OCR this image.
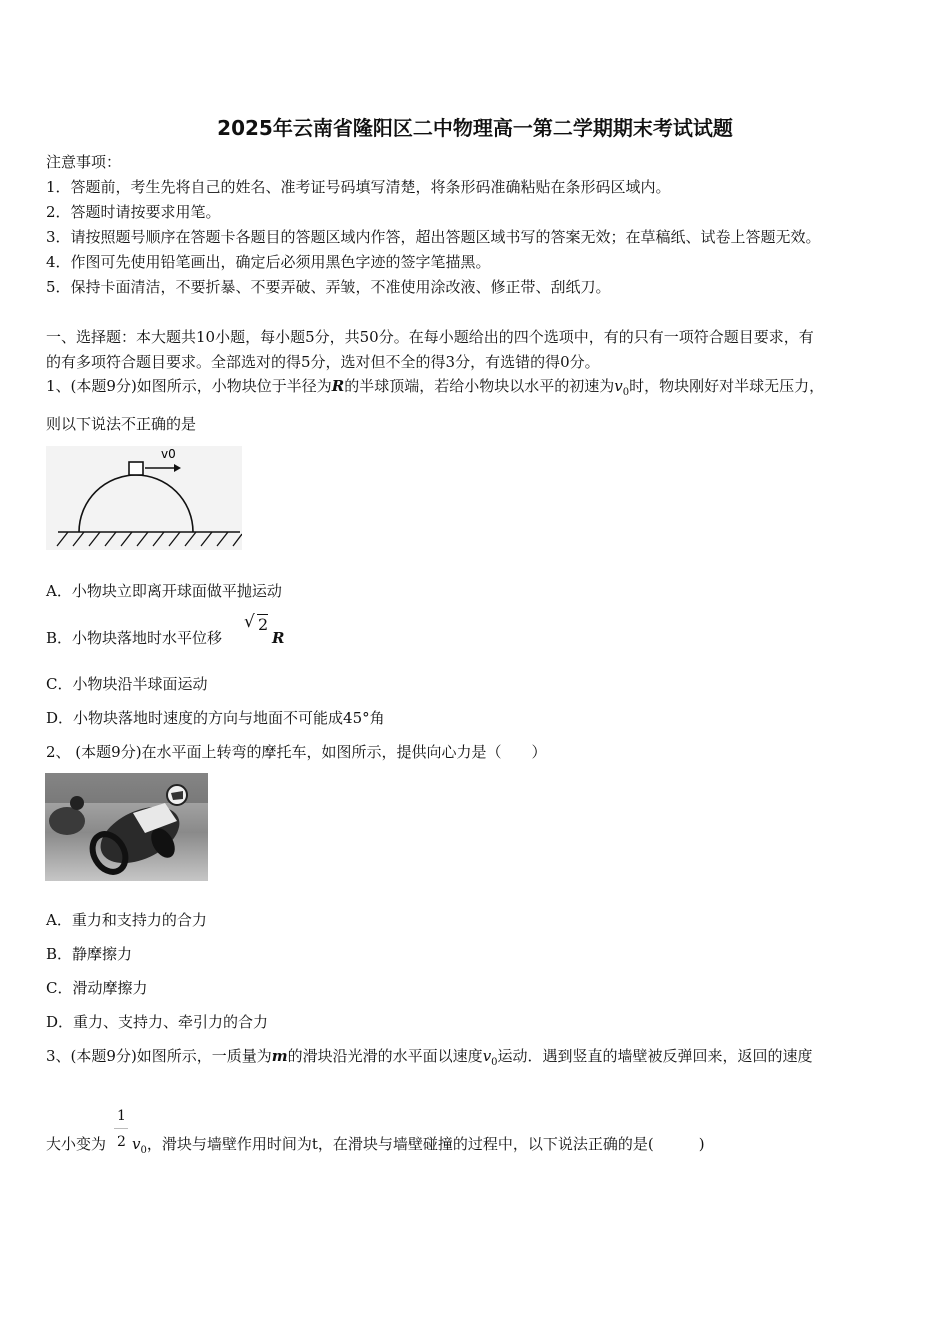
2025年云南省隆阳区二中物理高一第二学期期末考试试题
注意事项：
1．答题前，考生先将自己的姓名、准考证号码填写清楚，将条形码准确粘贴在条形码区域内。
2．答题时请按要求用笔。
3．请按照题号顺序在答题卡各题目的答题区域内作答，超出答题区域书写的答案无效；在草稿纸、试卷上答题无效。
4．作图可先使用铅笔画出，确定后必须用黑色字迹的签字笔描黑。
5．保持卡面清洁，不要折暴、不要弄破、弄皱，不准使用涂改液、修正带、刮纸刀。
一、选择题：本大题共10小题，每小题5分，共50分。在每小题给出的四个选项中，有的只有一项符合题目要求，有
的有多项符合题目要求。全部选对的得5分，选对但不全的得3分，有选错的得0分。
1、(本题9分)如图所示，小物块位于半径为R的半球顶端，若给小物块以水平的初速为$v_0$时，物块刚好对半球无压力，
则以下说法不正确的是
v0
A．小物块立即离开球面做平抛运动
B．小物块落地时水平位移
√ 2
R
C．小物块沿半球面运动
D．小物块落地时速度的方向与地面不可能成45°角
2、 (本题9分)在水平面上转弯的摩托车，如图所示，提供向心力是（　　）
A．重力和支持力的合力
B．静摩擦力
C．滑动摩擦力
D．重力、支持力、牵引力的合力
3、(本题9分)如图所示，一质量为m的滑块沿光滑的水平面以速度$v_0$运动．遇到竖直的墙壁被反弹回来，返回的速度
1
2
大小变为 $v_0$，滑块与墙壁作用时间为t，在滑块与墙壁碰撞的过程中，以下说法正确的是(　　　)
